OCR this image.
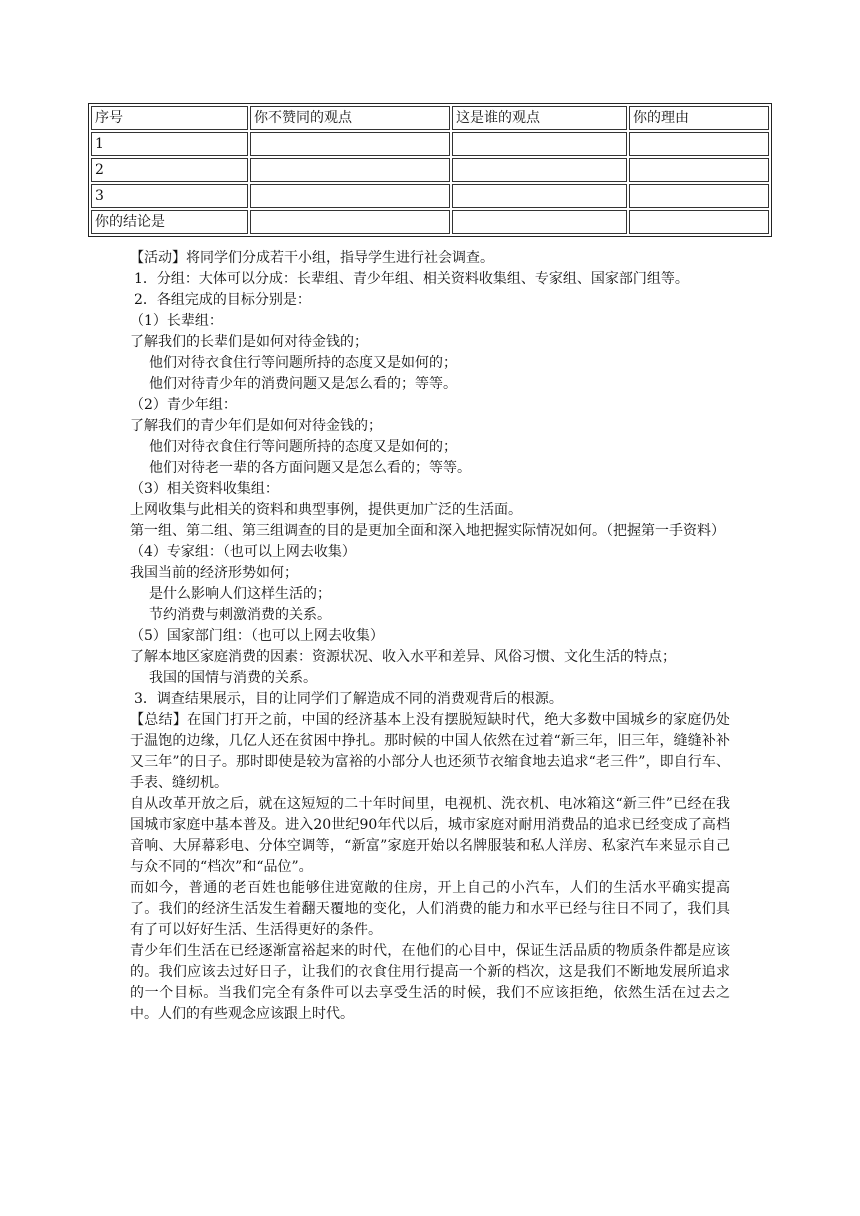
序号	你不赞同的观点	这是谁的观点	你的理由
1			
2			
3			
你的结论是			
【活动】将同学们分成若干小组，指导学生进行社会调查。
1．分组：大体可以分成：长辈组、青少年组、相关资料收集组、专家组、国家部门组等。
2．各组完成的目标分别是：
（1）长辈组：
了解我们的长辈们是如何对待金钱的；
他们对待衣食住行等问题所持的态度又是如何的；
他们对待青少年的消费问题又是怎么看的；等等。
（2）青少年组：
了解我们的青少年们是如何对待金钱的；
他们对待衣食住行等问题所持的态度又是如何的；
他们对待老一辈的各方面问题又是怎么看的；等等。
（3）相关资料收集组：
上网收集与此相关的资料和典型事例，提供更加广泛的生活面。
第一组、第二组、第三组调查的目的是更加全面和深入地把握实际情况如何。（把握第一手资料）
（4）专家组：（也可以上网去收集）
我国当前的经济形势如何；
是什么影响人们这样生活的；
节约消费与刺激消费的关系。
（5）国家部门组：（也可以上网去收集）
了解本地区家庭消费的因素：资源状况、收入水平和差异、风俗习惯、文化生活的特点；
我国的国情与消费的关系。
3．调查结果展示，目的让同学们了解造成不同的消费观背后的根源。
【总结】在国门打开之前，中国的经济基本上没有摆脱短缺时代，绝大多数中国城乡的家庭仍处于温饱的边缘，几亿人还在贫困中挣扎。那时候的中国人依然在过着“新三年，旧三年，缝缝补补又三年”的日子。那时即使是较为富裕的小部分人也还须节衣缩食地去追求“老三件”，即自行车、手表、缝纫机。
自从改革开放之后，就在这短短的二十年时间里，电视机、洗衣机、电冰箱这“新三件”已经在我国城市家庭中基本普及。进入20世纪90年代以后，城市家庭对耐用消费品的追求已经变成了高档音响、大屏幕彩电、分体空调等，“新富”家庭开始以名牌服装和私人洋房、私家汽车来显示自己与众不同的“档次”和“品位”。
而如今，普通的老百姓也能够住进宽敞的住房，开上自己的小汽车，人们的生活水平确实提高了。我们的经济生活发生着翻天覆地的变化，人们消费的能力和水平已经与往日不同了，我们具有了可以好好生活、生活得更好的条件。
青少年们生活在已经逐渐富裕起来的时代，在他们的心目中，保证生活品质的物质条件都是应该的。我们应该去过好日子，让我们的衣食住用行提高一个新的档次，这是我们不断地发展所追求的一个目标。当我们完全有条件可以去享受生活的时候，我们不应该拒绝，依然生活在过去之中。人们的有些观念应该跟上时代。
